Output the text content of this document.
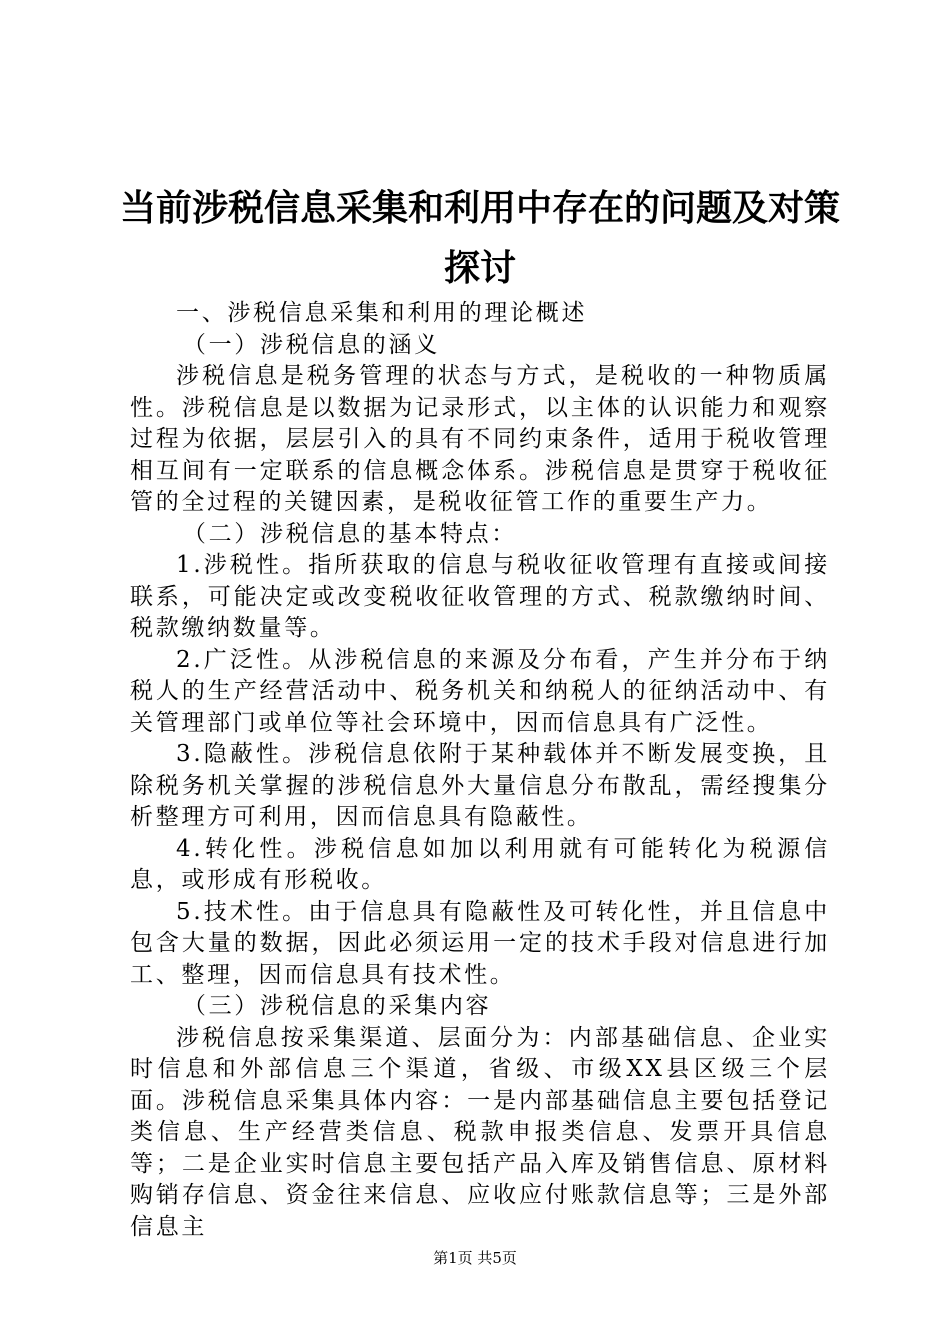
当前涉税信息采集和利用中存在的问题及对策
探讨

一、涉税信息采集和利用的理论概述

（一）涉税信息的涵义

涉税信息是税务管理的状态与方式，是税收的一种物质属性。涉税信息是以数据为记录形式，以主体的认识能力和观察过程为依据，层层引入的具有不同约束条件，适用于税收管理相互间有一定联系的信息概念体系。涉税信息是贯穿于税收征管的全过程的关键因素，是税收征管工作的重要生产力。

（二）涉税信息的基本特点：

1.涉税性。指所获取的信息与税收征收管理有直接或间接联系，可能决定或改变税收征收管理的方式、税款缴纳时间、税款缴纳数量等。

2.广泛性。从涉税信息的来源及分布看，产生并分布于纳税人的生产经营活动中、税务机关和纳税人的征纳活动中、有关管理部门或单位等社会环境中，因而信息具有广泛性。

3.隐蔽性。涉税信息依附于某种载体并不断发展变换，且除税务机关掌握的涉税信息外大量信息分布散乱，需经搜集分析整理方可利用，因而信息具有隐蔽性。

4.转化性。涉税信息如加以利用就有可能转化为税源信息，或形成有形税收。

5.技术性。由于信息具有隐蔽性及可转化性，并且信息中包含大量的数据，因此必须运用一定的技术手段对信息进行加工、整理，因而信息具有技术性。

（三）涉税信息的采集内容

涉税信息按采集渠道、层面分为：内部基础信息、企业实时信息和外部信息三个渠道，省级、市级XX县区级三个层面。涉税信息采集具体内容：一是内部基础信息主要包括登记类信息、生产经营类信息、税款申报类信息、发票开具信息等；二是企业实时信息主要包括产品入库及销售信息、原材料购销存信息、资金往来信息、应收应付账款信息等；三是外部信息主

第1页 共5页
